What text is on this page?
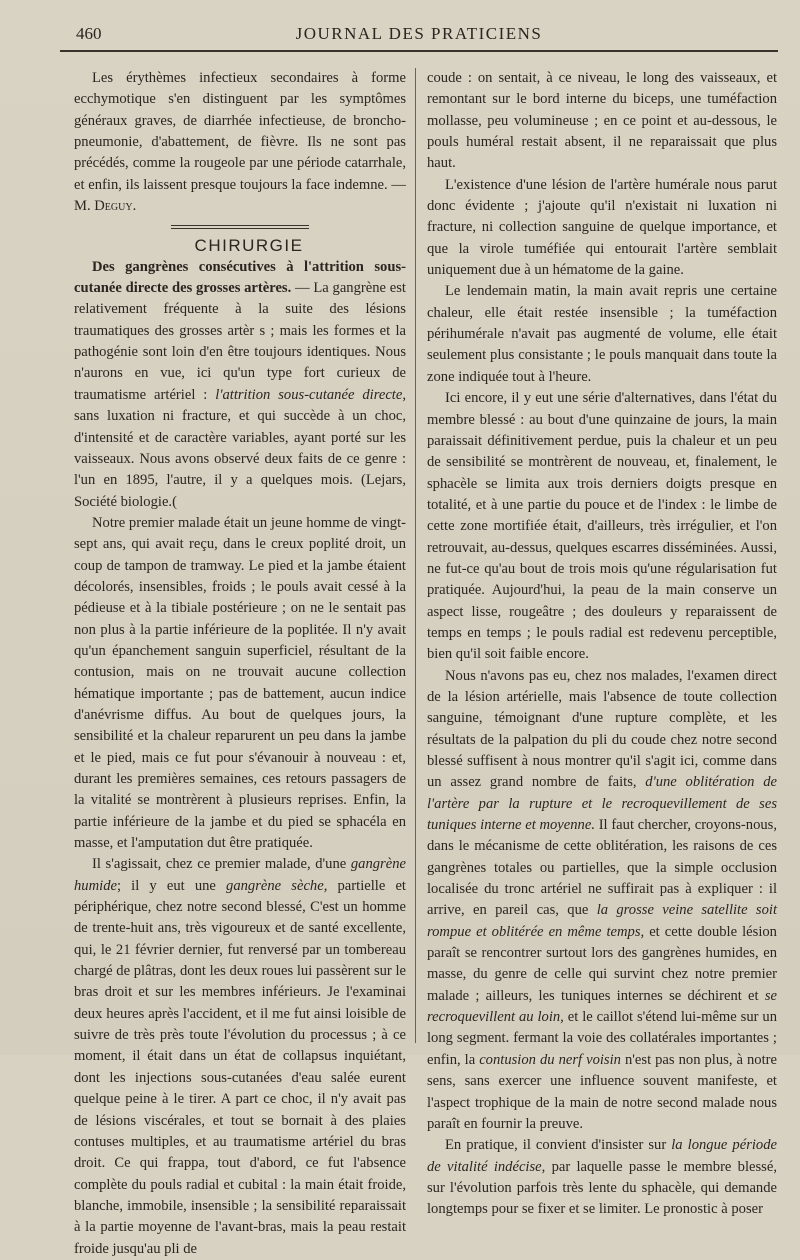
460	JOURNAL DES PRATICIENS

Les érythèmes infectieux secondaires à forme ecchymotique s'en distinguent par les symptômes généraux graves, de diarrhée infectieuse, de broncho-pneumonie, d'abattement, de fièvre. Ils ne sont pas précédés, comme la rougeole par une période catarrhale, et enfin, ils laissent presque toujours la face indemne. — M. Deguy.

CHIRURGIE

Des gangrènes consécutives à l'attrition sous-cutanée directe des grosses artères. — La gangrène est relativement fréquente à la suite des lésions traumatiques des grosses artèr s ; mais les formes et la pathogénie sont loin d'en être toujours identiques. Nous n'aurons en vue, ici qu'un type fort curieux de traumatisme artériel : l'attrition sous-cutanée directe, sans luxation ni fracture, et qui succède à un choc, d'intensité et de caractère variables, ayant porté sur les vaisseaux. Nous avons observé deux faits de ce genre : l'un en 1895, l'autre, il y a quelques mois. (Lejars, Société biologie.(

Notre premier malade était un jeune homme de vingt-sept ans, qui avait reçu, dans le creux poplité droit, un coup de tampon de tramway. Le pied et la jambe étaient décolorés, insensibles, froids ; le pouls avait cessé à la pédieuse et à la tibiale postérieure ; on ne le sentait pas non plus à la partie inférieure de la poplitée. Il n'y avait qu'un épanchement sanguin superficiel, résultant de la contusion, mais on ne trouvait aucune collection hématique importante ; pas de battement, aucun indice d'anévrisme diffus. Au bout de quelques jours, la sensibilité et la chaleur reparurent un peu dans la jambe et le pied, mais ce fut pour s'évanouir à nouveau : et, durant les premières semaines, ces retours passagers de la vitalité se montrèrent à plusieurs reprises. Enfin, la partie inférieure de la jambe et du pied se sphacéla en masse, et l'amputation dut être pratiquée.

Il s'agissait, chez ce premier malade, d'une gangrène humide; il y eut une gangrène sèche, partielle et périphérique, chez notre second blessé, C'est un homme de trente-huit ans, très vigoureux et de santé excellente, qui, le 21 février dernier, fut renversé par un tombereau chargé de plâtras, dont les deux roues lui passèrent sur le bras droit et sur les membres inférieurs. Je l'examinai deux heures après l'accident, et il me fut ainsi loisible de suivre de très près toute l'évolution du processus ; à ce moment, il était dans un état de collapsus inquiétant, dont les injections sous-cutanées d'eau salée eurent quelque peine à le tirer. A part ce choc, il n'y avait pas de lésions viscérales, et tout se bornait à des plaies contuses multiples, et au traumatisme artériel du bras droit. Ce qui frappa, tout d'abord, ce fut l'absence complète du pouls radial et cubital : la main était froide, blanche, immobile, insensible ; la sensibilité reparaissait à la partie moyenne de l'avant-bras, mais la peau restait froide jusqu'au pli de

coude : on sentait, à ce niveau, le long des vaisseaux, et remontant sur le bord interne du biceps, une tuméfaction mollasse, peu volumineuse ; en ce point et au-dessous, le pouls huméral restait absent, il ne reparaissait que plus haut.

L'existence d'une lésion de l'artère humérale nous parut donc évidente ; j'ajoute qu'il n'existait ni luxation ni fracture, ni collection sanguine de quelque importance, et que la virole tuméfiée qui entourait l'artère semblait uniquement due à un hématome de la gaine.

Le lendemain matin, la main avait repris une certaine chaleur, elle était restée insensible ; la tuméfaction périhumérale n'avait pas augmenté de volume, elle était seulement plus consistante ; le pouls manquait dans toute la zone indiquée tout à l'heure.

Ici encore, il y eut une série d'alternatives, dans l'état du membre blessé : au bout d'une quinzaine de jours, la main paraissait définitivement perdue, puis la chaleur et un peu de sensibilité se montrèrent de nouveau, et, finalement, le sphacèle se limita aux trois derniers doigts presque en totalité, et à une partie du pouce et de l'index : le limbe de cette zone mortifiée était, d'ailleurs, très irrégulier, et l'on retrouvait, au-dessus, quelques escarres disséminées. Aussi, ne fut-ce qu'au bout de trois mois qu'une régularisation fut pratiquée. Aujourd'hui, la peau de la main conserve un aspect lisse, rougeâtre ; des douleurs y reparaissent de temps en temps ; le pouls radial est redevenu perceptible, bien qu'il soit faible encore.

Nous n'avons pas eu, chez nos malades, l'examen direct de la lésion artérielle, mais l'absence de toute collection sanguine, témoignant d'une rupture complète, et les résultats de la palpation du pli du coude chez notre second blessé suffisent à nous montrer qu'il s'agit ici, comme dans un assez grand nombre de faits, d'une oblitération de l'artère par la rupture et le recroquevillement de ses tuniques interne et moyenne. Il faut chercher, croyons-nous, dans le mécanisme de cette oblitération, les raisons de ces gangrènes totales ou partielles, que la simple occlusion localisée du tronc artériel ne suffirait pas à expliquer : il arrive, en pareil cas, que la grosse veine satellite soit rompue et oblitérée en même temps, et cette double lésion paraît se rencontrer surtout lors des gangrènes humides, en masse, du genre de celle qui survint chez notre premier malade ; ailleurs, les tuniques internes se déchirent et se recroquevillent au loin, et le caillot s'étend lui-même sur un long segment. fermant la voie des collatérales importantes ; enfin, la contusion du nerf voisin n'est pas non plus, à notre sens, sans exercer une influence souvent manifeste, et l'aspect trophique de la main de notre second malade nous paraît en fournir la preuve.

En pratique, il convient d'insister sur la longue période de vitalité indécise, par laquelle passe le membre blessé, sur l'évolution parfois très lente du sphacèle, qui demande longtemps pour se fixer et se limiter. Le pronostic à poser
